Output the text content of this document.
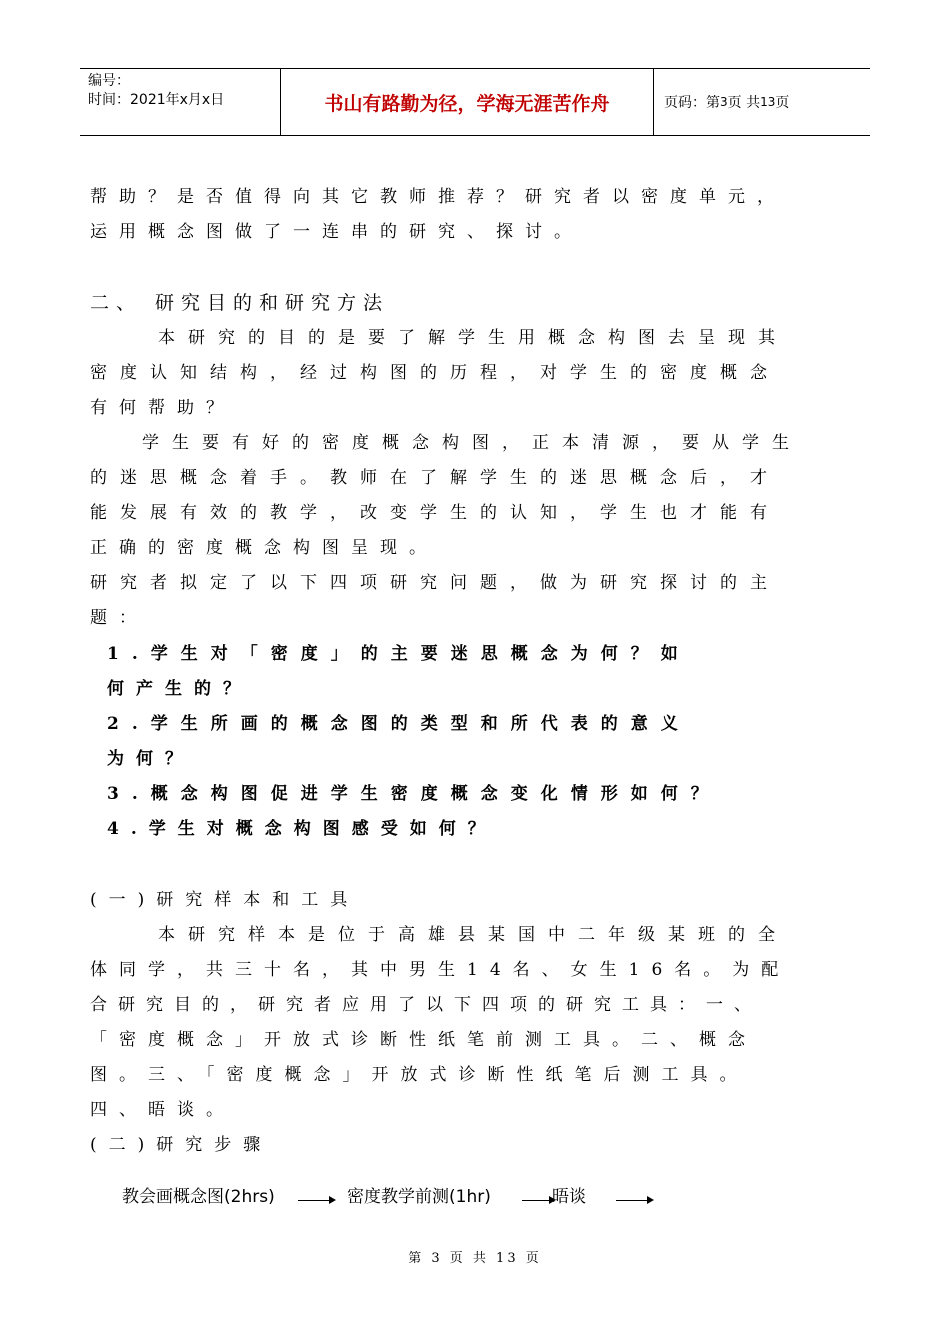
编号：
时间：2021年x月x日	书山有路勤为径，学海无涯苦作舟	页码：第 3 页 共 13 页
帮助？是否值得向其它教师推荐？研究者以密度单元，
运用概念图做了一连串的研究、探讨。
二、 研究目的和研究方法
本研究的目的是要了解学生用概念构图去呈现其
密度认知结构，经过构图的历程，对学生的密度概念
有何帮助？
学生要有好的密度概念构图，正本清源，要从学生
的迷思概念着手。教师在了解学生的迷思概念后，才
能发展有效的教学，改变学生的认知，学生也才能有
正确的密度概念构图呈现。
研究者拟定了以下四项研究问题，做为研究探讨的主
题：
1.学生对「密度」的主要迷思概念为何？如
何产生的？
2.学生所画的概念图的类型和所代表的意义
为何？
3.概念构图促进学生密度概念变化情形如何？
4.学生对概念构图感受如何？
(一)研究样本和工具
本研究样本是位于高雄县某国中二年级某班的全
体同学，共三十名，其中男生14名、女生16名。为配
合研究目的，研究者应用了以下四项的研究工具：一、
「密度概念」开放式诊断性纸笔前测工具。二、概念
图。三、「密度概念」开放式诊断性纸笔后测工具。
四、晤谈。
(二)研究步骤
教会画概念图(2hrs)	密度教学前测(1hr)	晤谈
第 3 页 共 13 页
